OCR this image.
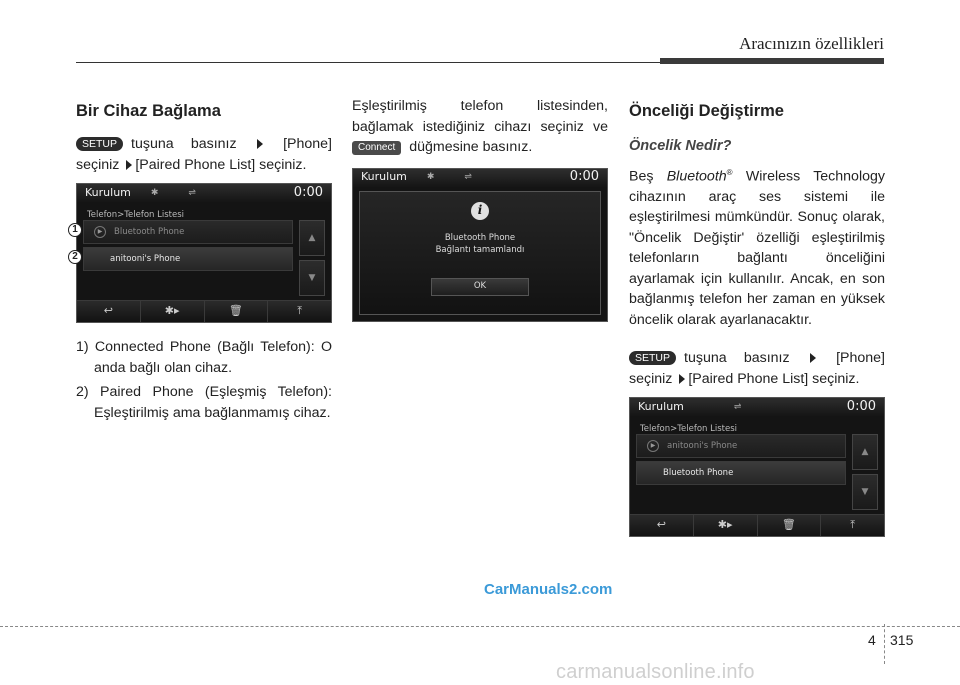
Aracınızın özellikleri
Bir Cihaz Bağlama

SETUP tuşuna basınız	[Phone] seçiniz [Paired Phone List] seçiniz.

Kurulum ✱	⇌	0:00
Telefon>Telefon Listesi
▶	Bluetooth Phone
anitooni's Phone
▲
▼
↩	✱▸	🗑	⤒
1
2
1) Connected Phone (Bağlı Telefon): O anda bağlı olan cihaz.
2) Paired Phone (Eşleşmiş Telefon): Eşleştirilmiş ama bağlanmamış cihaz.

Eşleştirilmiş telefon listesinden, bağlamak istediğiniz cihazı seçiniz ve Connect düğmesine basınız.

Kurulum ✱	⇌	0:00
i
Bluetooth Phone
Bağlantı tamamlandı
OK
Önceliği Değiştirme
Öncelik Nedir?

Beş Bluetooth® Wireless Technology cihazının araç ses sistemi ile eşleştirilmesi mümkündür. Sonuç olarak, "Öncelik Değiştir' özelliği eşleştirilmiş telefonların bağlantı önceliğini ayarlamak için kullanılır. Ancak, en son bağlanmış telefon her zaman en yüksek öncelik olarak ayarlanacaktır.

SETUP tuşuna basınız	[Phone] seçiniz [Paired Phone List] seçiniz.

Kurulum	⇌	0:00
Telefon>Telefon Listesi
▶	anitooni's Phone
Bluetooth Phone
▲
▼
↩	✱▸	🗑	⤒
CarManuals2.com
4 315
carmanualsonline.info
